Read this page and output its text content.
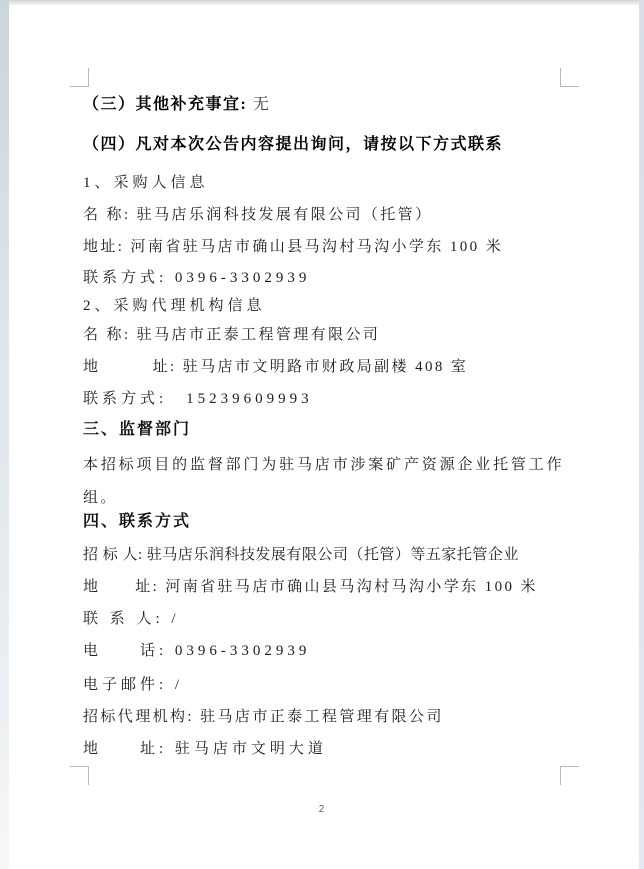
（三）其他补充事宜: 无
（四）凡对本次公告内容提出询问，请按以下方式联系
1、采购人信息
名 称: 驻马店乐润科技发展有限公司（托管）
地址: 河南省驻马店市确山县马沟村马沟小学东 100 米
联系方式: 0396-3302939
2、采购代理机构信息
名 称: 驻马店市正泰工程管理有限公司
地　　　址: 驻马店市文明路市财政局副楼 408 室
联系方式:　15239609993
三、监督部门
本招标项目的监督部门为驻马店市涉案矿产资源企业托管工作组。
四、联系方式
招 标 人: 驻马店乐润科技发展有限公司（托管）等五家托管企业
地　　址: 河南省驻马店市确山县马沟村马沟小学东 100 米
联 系 人: /
电　　话: 0396-3302939
电子邮件: /
招标代理机构: 驻马店市正泰工程管理有限公司
地　　址: 驻马店市文明大道
2
